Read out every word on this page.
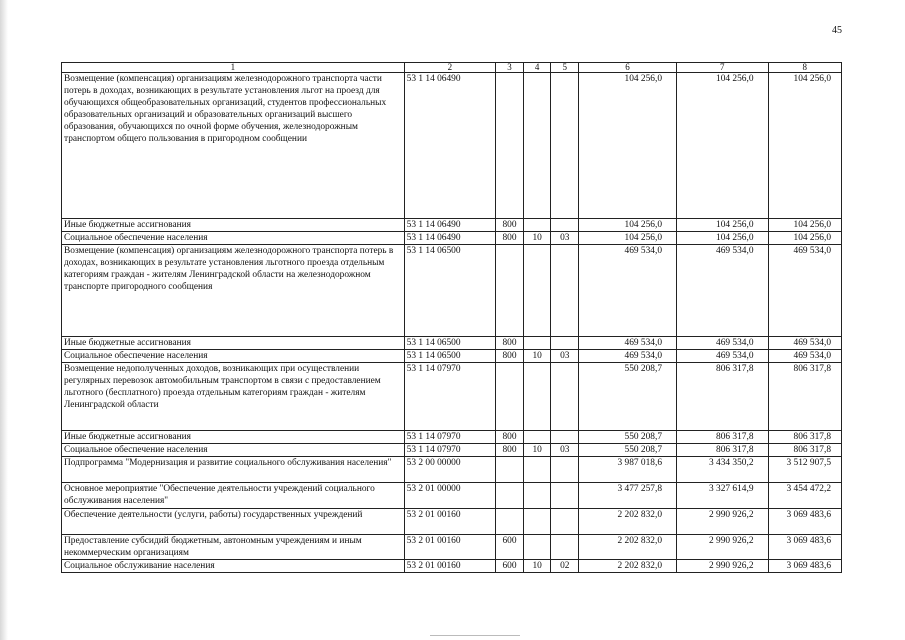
45
1	2	3	4	5	6	7	8
Возмещение (компенсация) организациям железнодорожного транспорта части потерь в доходах, возникающих в результате установления льгот на проезд для обучающихся общеобразовательных организаций, студентов профессиональных образовательных организаций и образовательных организаций высшего образования, обучающихся по очной форме обучения, железнодорожным транспортом общего пользования в пригородном сообщении	53 1 14 06490				104 256,0	104 256,0	104 256,0
Иные бюджетные ассигнования	53 1 14 06490	800			104 256,0	104 256,0	104 256,0
Социальное обеспечение населения	53 1 14 06490	800	10	03	104 256,0	104 256,0	104 256,0
Возмещение (компенсация) организациям железнодорожного транспорта потерь в доходах, возникающих в результате установления льготного проезда отдельным категориям граждан - жителям Ленинградской области на железнодорожном транспорте пригородного сообщения	53 1 14 06500				469 534,0	469 534,0	469 534,0
Иные бюджетные ассигнования	53 1 14 06500	800			469 534,0	469 534,0	469 534,0
Социальное обеспечение населения	53 1 14 06500	800	10	03	469 534,0	469 534,0	469 534,0
Возмещение недополученных доходов, возникающих при осуществлении регулярных перевозок автомобильным транспортом в связи с предоставлением льготного (бесплатного) проезда отдельным категориям граждан - жителям Ленинградской области	53 1 14 07970				550 208,7	806 317,8	806 317,8
Иные бюджетные ассигнования	53 1 14 07970	800			550 208,7	806 317,8	806 317,8
Социальное обеспечение населения	53 1 14 07970	800	10	03	550 208,7	806 317,8	806 317,8
Подпрограмма "Модернизация и развитие социального обслуживания населения"	53 2 00 00000				3 987 018,6	3 434 350,2	3 512 907,5
Основное мероприятие "Обеспечение деятельности учреждений социального обслуживания населения"	53 2 01 00000				3 477 257,8	3 327 614,9	3 454 472,2
Обеспечение деятельности (услуги, работы) государственных учреждений	53 2 01 00160				2 202 832,0	2 990 926,2	3 069 483,6
Предоставление субсидий бюджетным, автономным учреждениям и иным некоммерческим организациям	53 2 01 00160	600			2 202 832,0	2 990 926,2	3 069 483,6
Социальное обслуживание населения	53 2 01 00160	600	10	02	2 202 832,0	2 990 926,2	3 069 483,6
